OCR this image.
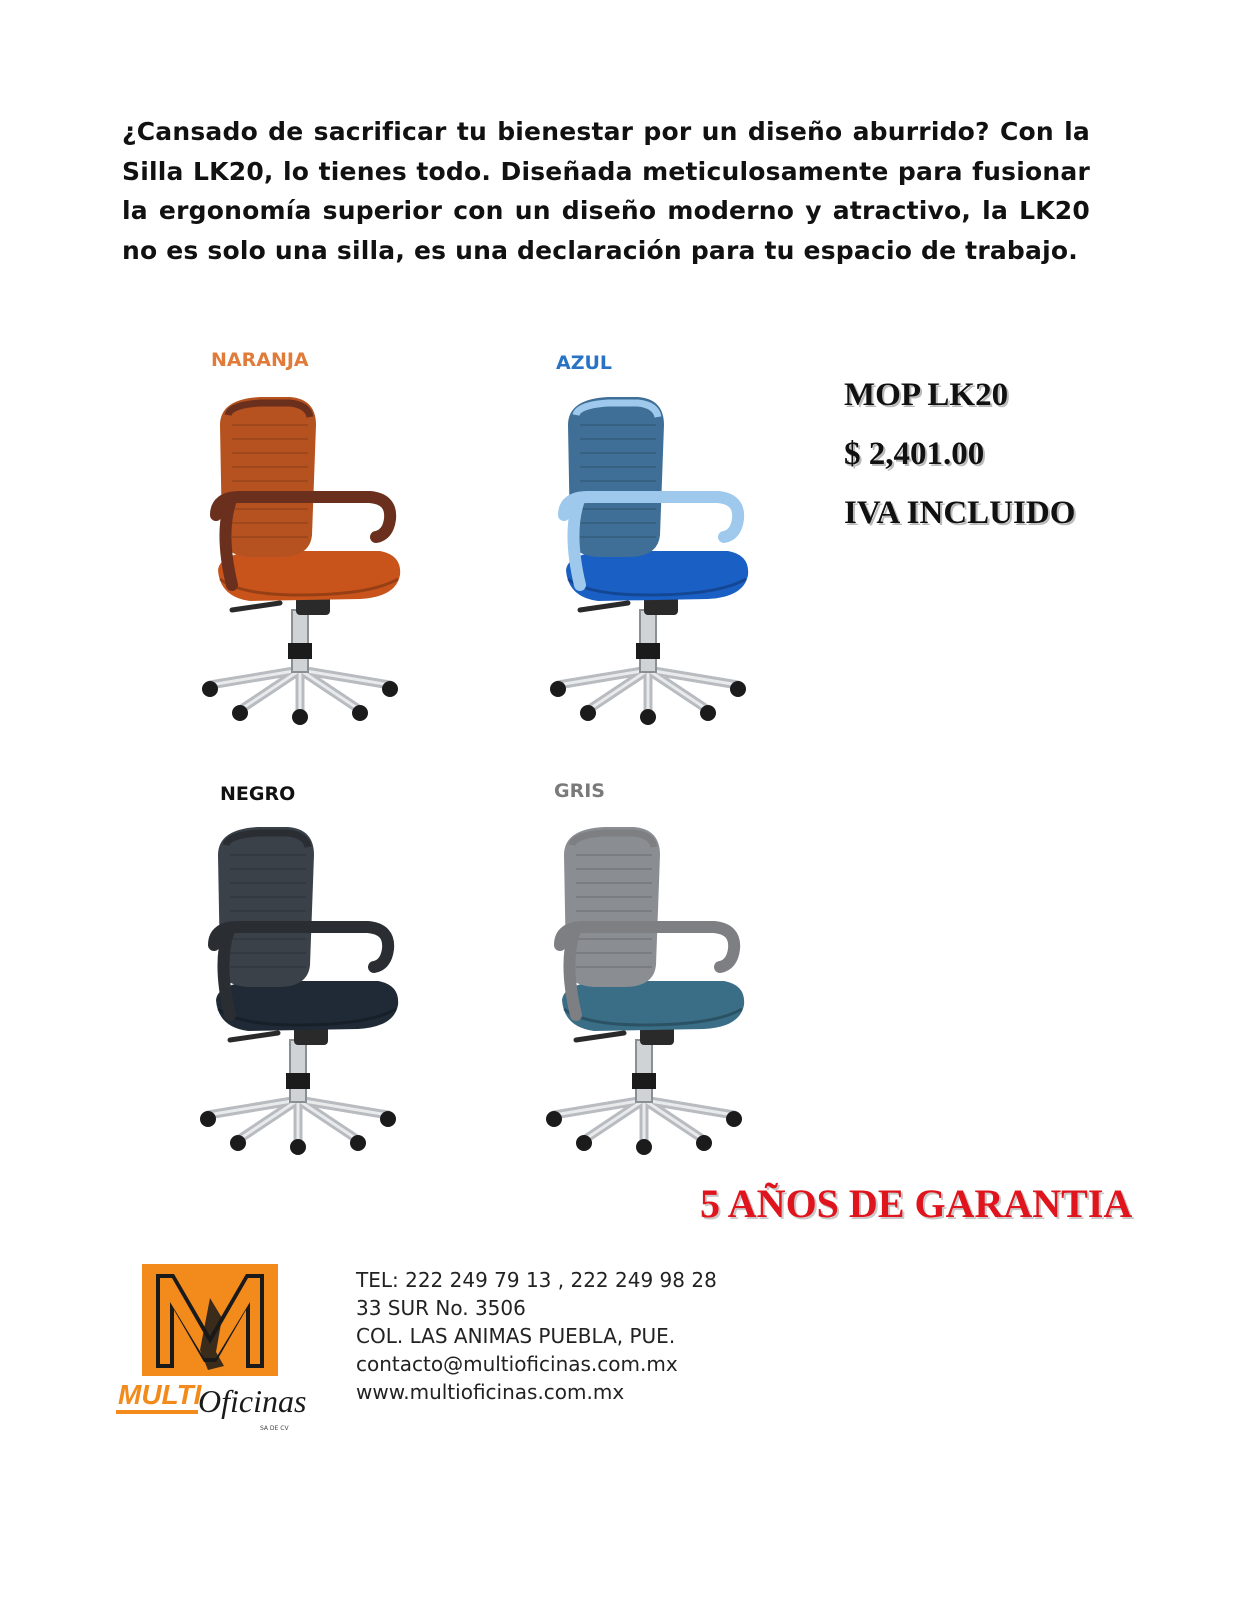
¿Cansado de sacrificar tu bienestar por un diseño aburrido? Con la Silla LK20, lo tienes todo. Diseñada meticulosamente para fusionar la ergonomía superior con un diseño moderno y atractivo, la LK20 no es solo una silla, es una declaración para tu espacio de trabajo.
NARANJA	AZUL
NEGRO	GRIS
MOP LK20
$ 2,401.00
IVA INCLUIDO
5 AÑOS DE GARANTIA
MULTI
Oficinas
SA DE CV
TEL: 222 249 79 13 , 222 249 98 28
33 SUR No. 3506
COL. LAS ANIMAS PUEBLA, PUE.
contacto@multioficinas.com.mx
www.multioficinas.com.mx
